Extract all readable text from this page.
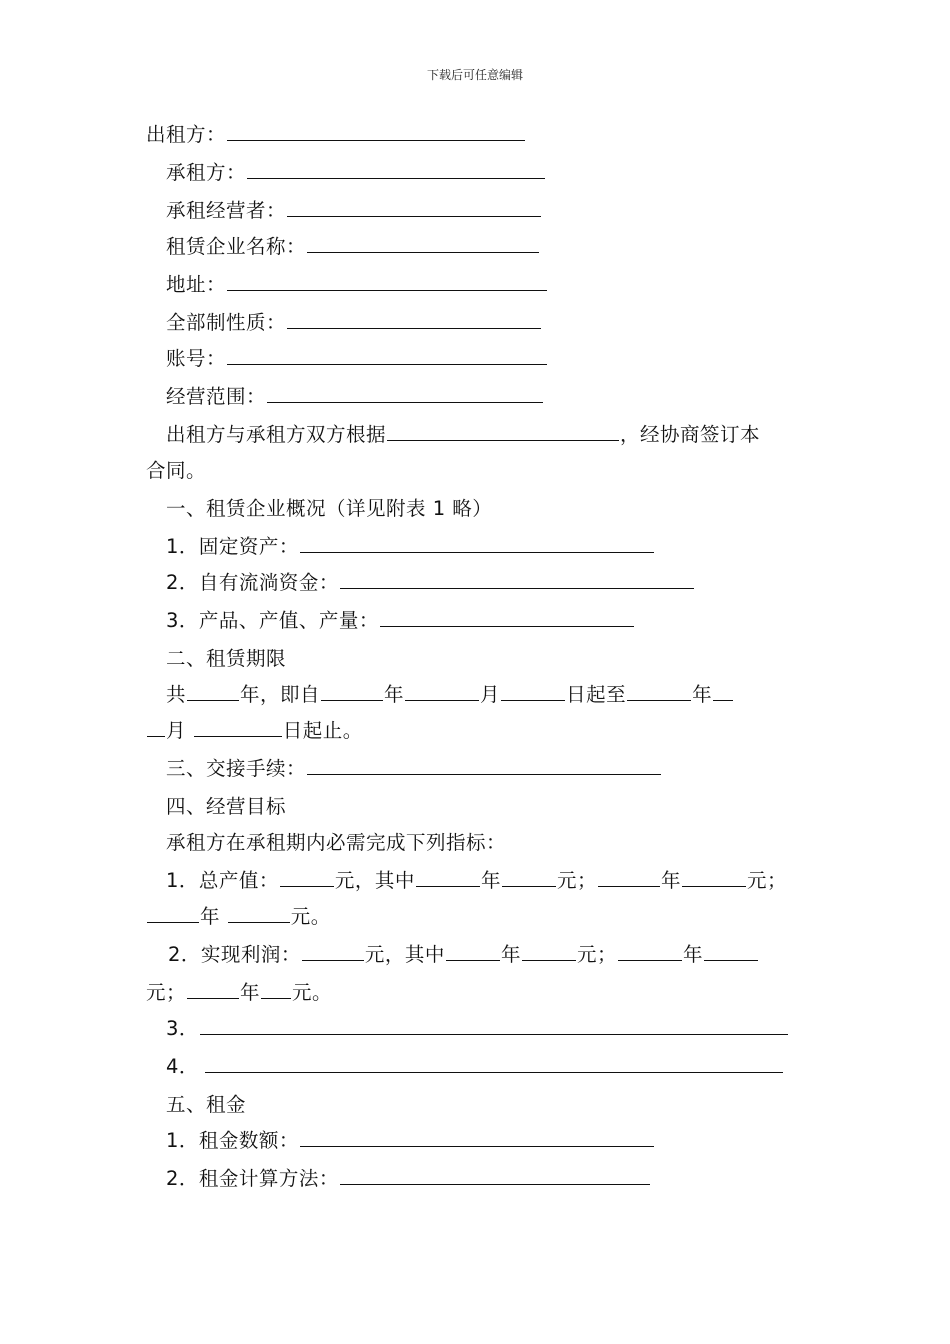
下载后可任意编辑
出租方：
承租方：
承租经营者：
租赁企业名称：
地址：
全部制性质：
账号：
经营范围：
出租方与承租方双方根据	，经协商签订本
合同。
一、租赁企业概况（详见附表 1 略）
1．固定资产：
2．自有流淌资金：
3．产品、产值、产量：
二、租赁期限
共	年，即自	年	月	日起至	年
月	日起止。
三、交接手续：
四、经营目标
承租方在承租期内必需完成下列指标：
1．总产值：	元，其中	年	元；	年	元；
年	元。
2．实现利润：	元，其中	年	元；	年
元；	年 元。
3．
4．
五、租金
1．租金数额：
2．租金计算方法：
